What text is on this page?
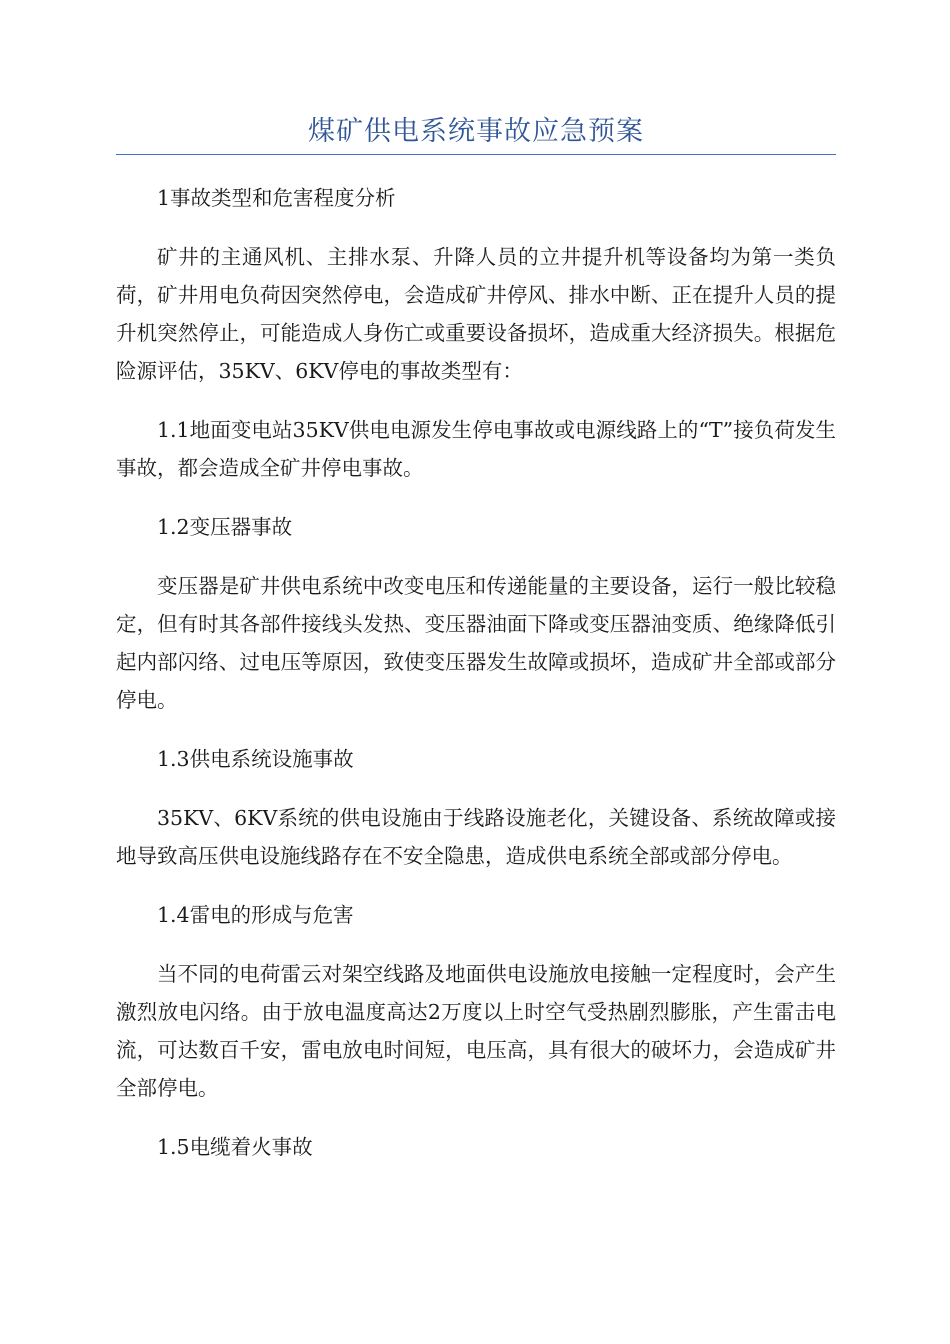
煤矿供电系统事故应急预案

1事故类型和危害程度分析

矿井的主通风机、主排水泵、升降人员的立井提升机等设备均为第一类负荷，矿井用电负荷因突然停电，会造成矿井停风、排水中断、正在提升人员的提升机突然停止，可能造成人身伤亡或重要设备损坏，造成重大经济损失。根据危险源评估，35KV、6KV停电的事故类型有：

1.1地面变电站35KV供电电源发生停电事故或电源线路上的“T”接负荷发生事故，都会造成全矿井停电事故。

1.2变压器事故

变压器是矿井供电系统中改变电压和传递能量的主要设备，运行一般比较稳定，但有时其各部件接线头发热、变压器油面下降或变压器油变质、绝缘降低引起内部闪络、过电压等原因，致使变压器发生故障或损坏，造成矿井全部或部分停电。

1.3供电系统设施事故

35KV、6KV系统的供电设施由于线路设施老化，关键设备、系统故障或接地导致高压供电设施线路存在不安全隐患，造成供电系统全部或部分停电。

1.4雷电的形成与危害

当不同的电荷雷云对架空线路及地面供电设施放电接触一定程度时，会产生激烈放电闪络。由于放电温度高达2万度以上时空气受热剧烈膨胀，产生雷击电流，可达数百千安，雷电放电时间短，电压高，具有很大的破坏力，会造成矿井全部停电。

1.5电缆着火事故
